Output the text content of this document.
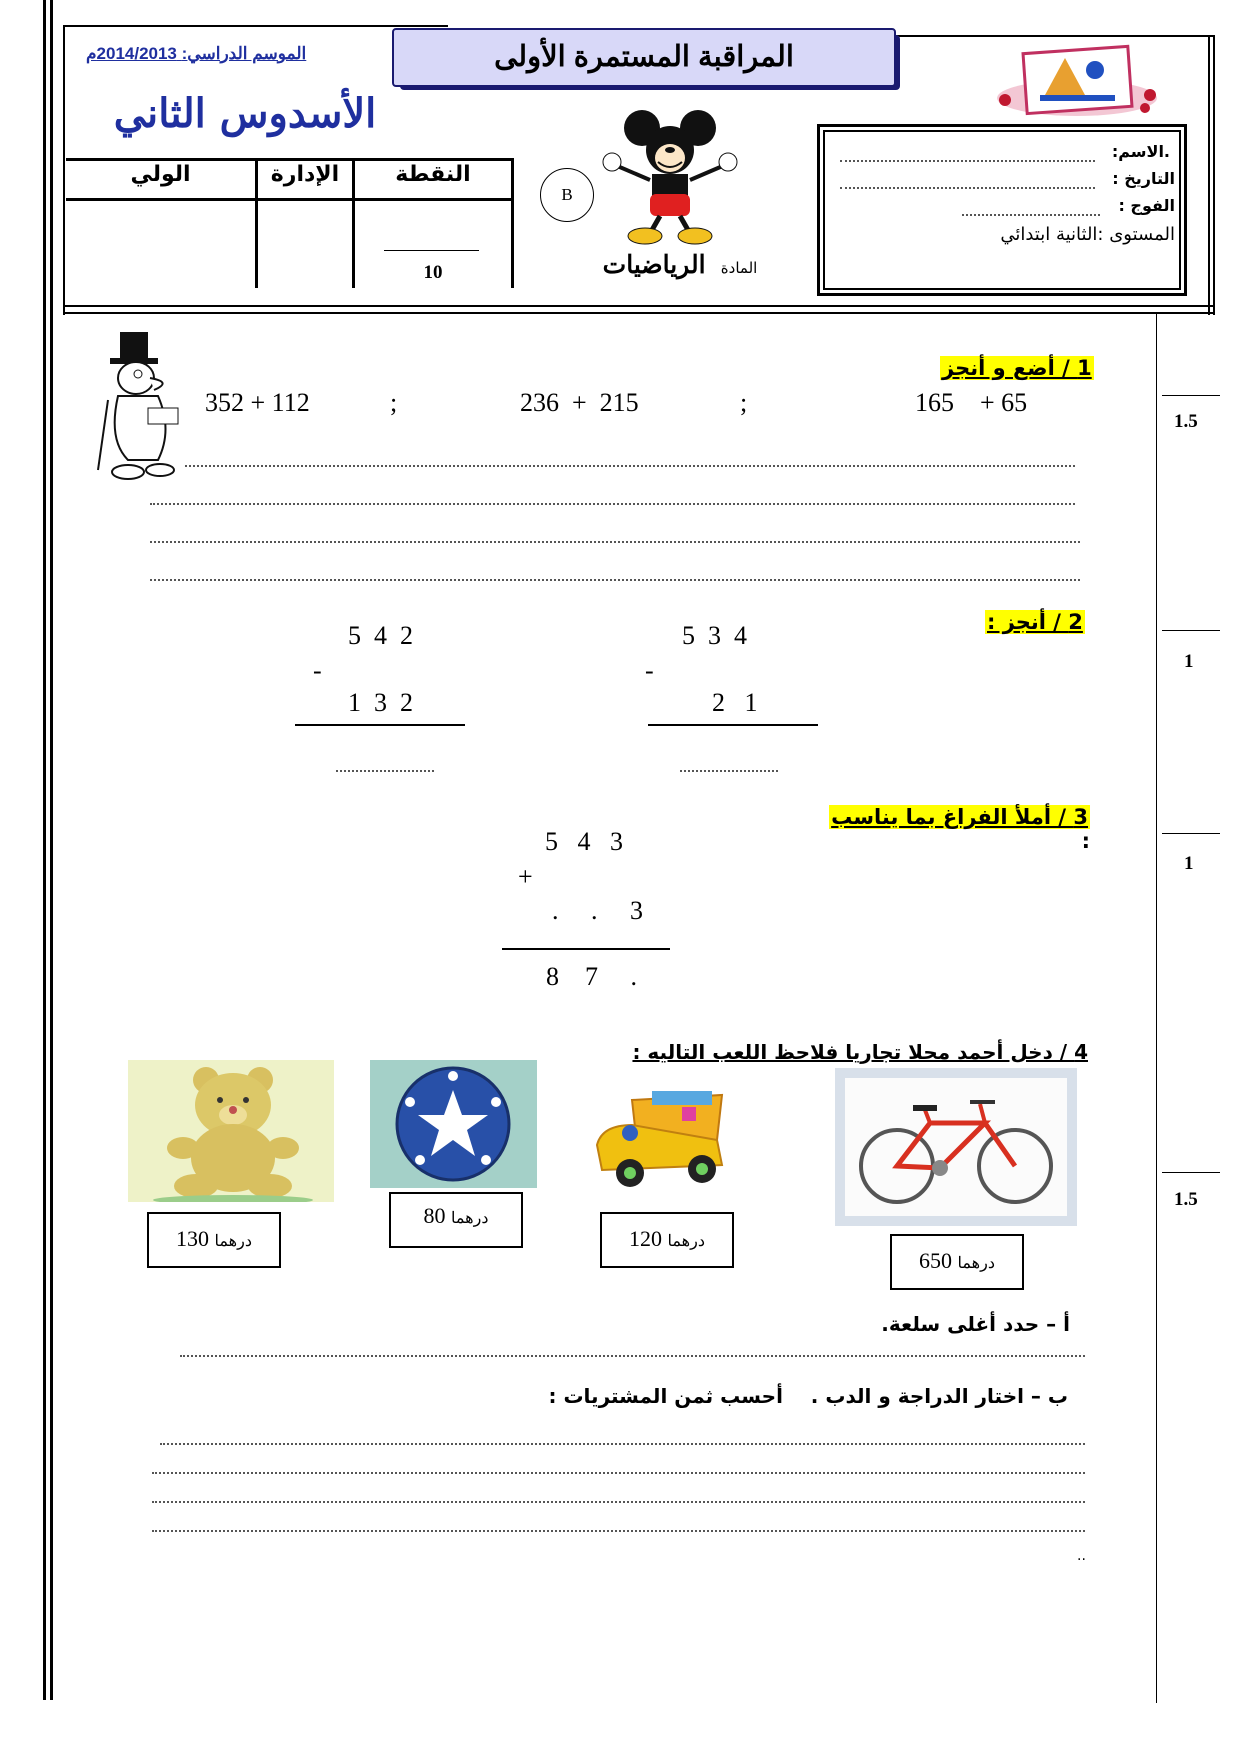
الموسم الدراسي: 2014/2013م	المراقبة المستمرة الأولى
الأسدوس الثاني
الولي	الإدارة	النقطة
10
B
المادة   الرياضيات
.الاسم:
التاريخ :
الفوج :
المستوى :الثانية ابتدائي
1 / أضع و أنجز
165    + 65
;
236  +  215
;
352 + 112
1.5
1
1
1.5
2 / أنجز :
5  3  4
-
2   1
5  4  2
-
1  3  2
3 / أملأ الفراغ بما يناسب :
5   4   3
+
.     .     3
8    7     .
4 / دخل أحمد محلا تجاريا فلاحظ اللعب التاليه :
130 درهما
80 درهما
120 درهما
650 درهما
أ – حدد أغلى سلعة.
ب – اختار الدراجة و الدب .    أحسب ثمن المشتريات :
..
